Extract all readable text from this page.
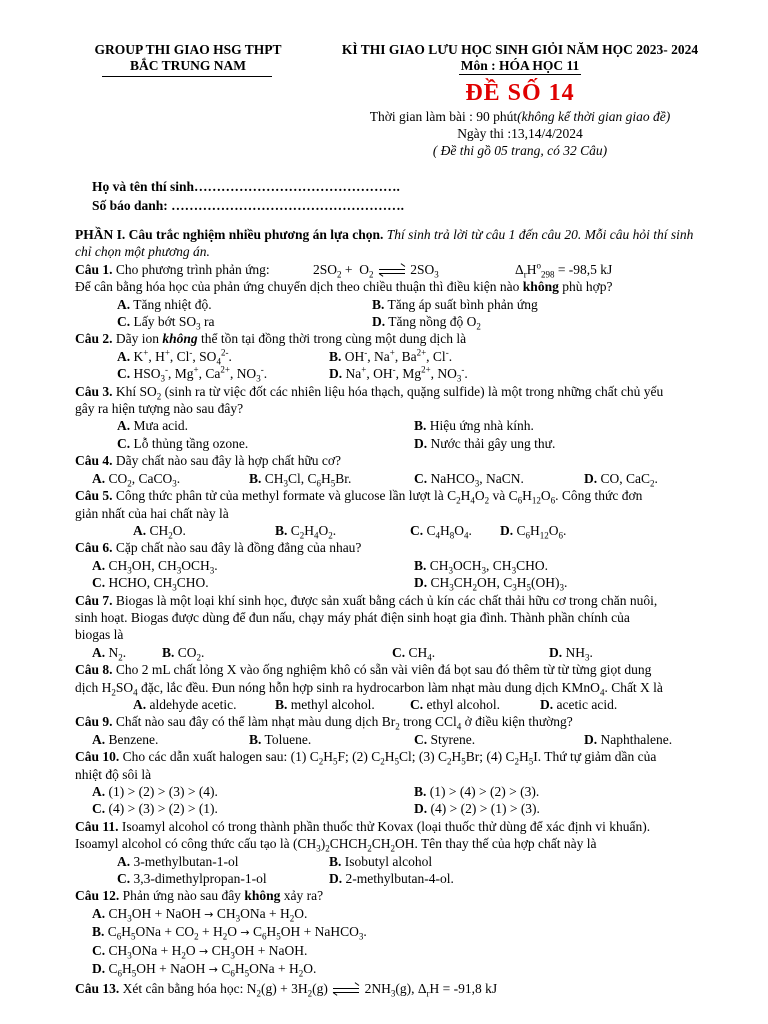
GROUP THI GIAO HSG THPT
BẮC TRUNG NAM
KÌ THI GIAO LƯU HỌC SINH GIỎI NĂM HỌC 2023- 2024
Môn : HÓA HỌC 11
ĐỀ SỐ 14
Thời gian làm bài : 90 phút(không kể thời gian giao đề)
Ngày thi :13,14/4/2024
( Đề thi gồ 05 trang, có 32 Câu)
Họ và tên thí sinh……………………………………….
Số báo danh: …………………………………………….

PHẦN I. Câu trắc nghiệm nhiều phương án lựa chọn. Thí sinh trả lời từ câu 1 đến câu 20. Mỗi câu hỏi thí sinh chỉ chọn một phương án.

Câu 1. Cho phương trình phản ứng:	$2SO_2 + O_2$
$2SO_3$	$\Delta_rH^o_{298} = -98,5$ kJ

Để cân bằng hóa học của phản ứng chuyển dịch theo chiều thuận thì điều kiện nào không phù hợp?

A. Tăng nhiệt độ.	B. Tăng áp suất bình phản ứng
C. Lấy bớt $SO_3$ ra	D. Tăng nồng độ $O_2$

Câu 2. Dãy ion không thể tồn tại đồng thời trong cùng một dung dịch là

A. K+, H+, Cl-, $SO_4^{2-}$.	B. OH-, Na+, $Ba^{2+}$, Cl-.
C. $HSO_3^-$, Mg+, $Ca^{2+}$, $NO_3^-$.	D. Na+, OH-, $Mg^{2+}$, $NO_3^-$.

Câu 3. Khí $SO_2$ (sinh ra từ việc đốt các nhiên liệu hóa thạch, quặng sulfide) là một trong những chất chủ yếu

gây ra hiện tượng nào sau đây?

A. Mưa acid.	B. Hiệu ứng nhà kính.
C. Lỗ thủng tầng ozone.	D. Nước thải gây ung thư.

Câu 4. Dãy chất nào sau đây là hợp chất hữu cơ?

A. $CO_2$, CaCO$_3$.	B. $CH_3Cl$, $C_6H_5Br$.	C. NaHCO$_3$, NaCN.	D. CO, CaC$_2$.

Câu 5. Công thức phân tử của methyl formate và glucose lần lượt là $C_2H_4O_2$ và $C_6H_{12}O_6$. Công thức đơn

giản nhất của hai chất này là

A. $CH_2O$.	B. $C_2H_4O_2$.	C. $C_4H_8O_4$.	D. $C_6H_{12}O_6$.

Câu 6. Cặp chất nào sau đây là đồng đẳng của nhau?

A. $CH_3OH$, $CH_3OCH_3$.	B. $CH_3OCH_3$, $CH_3CHO$.
C. HCHO, $CH_3CHO$.	D. $CH_3CH_2OH$, $C_3H_5(OH)_3$.

Câu 7. Biogas là một loại khí sinh học, được sản xuất bằng cách ủ kín các chất thải hữu cơ trong chăn nuôi,

sinh hoạt. Biogas được dùng để đun nấu, chạy máy phát điện sinh hoạt gia đình. Thành phần chính của

biogas là

A. $N_2$.	B. $CO_2$.	C. $CH_4$.	D. $NH_3$.

Câu 8. Cho 2 mL chất lỏng X vào ống nghiệm khô có sẵn vài viên đá bọt sau đó thêm từ từ từng giọt dung

dịch $H_2SO_4$ đặc, lắc đều. Đun nóng hỗn hợp sinh ra hydrocarbon làm nhạt màu dung dịch KMnO$_4$. Chất X là

A. aldehyde acetic.	B. methyl alcohol.	C. ethyl alcohol.	D. acetic acid.

Câu 9. Chất nào sau đây có thể làm nhạt màu dung dịch $Br_2$ trong CCl$_4$ ở điều kiện thường?

A. Benzene.	B. Toluene.	C. Styrene.	D. Naphthalene.

Câu 10. Cho các dẫn xuất halogen sau: (1) $C_2H_5F$; (2) $C_2H_5Cl$; (3) $C_2H_5Br$; (4) $C_2H_5I$. Thứ tự giảm dần của

nhiệt độ sôi là

A. (1) > (2) > (3) > (4).	B. (1) > (4) > (2) > (3).
C. (4) > (3) > (2) > (1).	D. (4) > (2) > (1) > (3).

Câu 11. Isoamyl alcohol có trong thành phần thuốc thử Kovax (loại thuốc thử dùng để xác định vi khuẩn).

Isoamyl alcohol có công thức cấu tạo là $(CH_3)_2CHCH_2CH_2OH$. Tên thay thế của hợp chất này là

A. 3-methylbutan-1-ol	B. Isobutyl alcohol
C. 3,3-dimethylpropan-1-ol	D. 2-methylbutan-4-ol.

Câu 12. Phản ứng nào sau đây không xảy ra?

A. $CH_3OH$ + NaOH → $CH_3ONa + H_2O$.

B. $C_6H_5ONa + CO_2 + H_2O \to C_6H_5OH$ + NaHCO$_3$.

C. $CH_3ONa + H_2O \to CH_3OH$ + NaOH.

D. $C_6H_5OH$ + NaOH → $C_6H_5ONa + H_2O$.

Câu 13. Xét cân bằng hóa học: $N_2(g) + 3H_2(g)$
$2NH_3(g)$, $\Delta_rH = -91,8$ kJ
